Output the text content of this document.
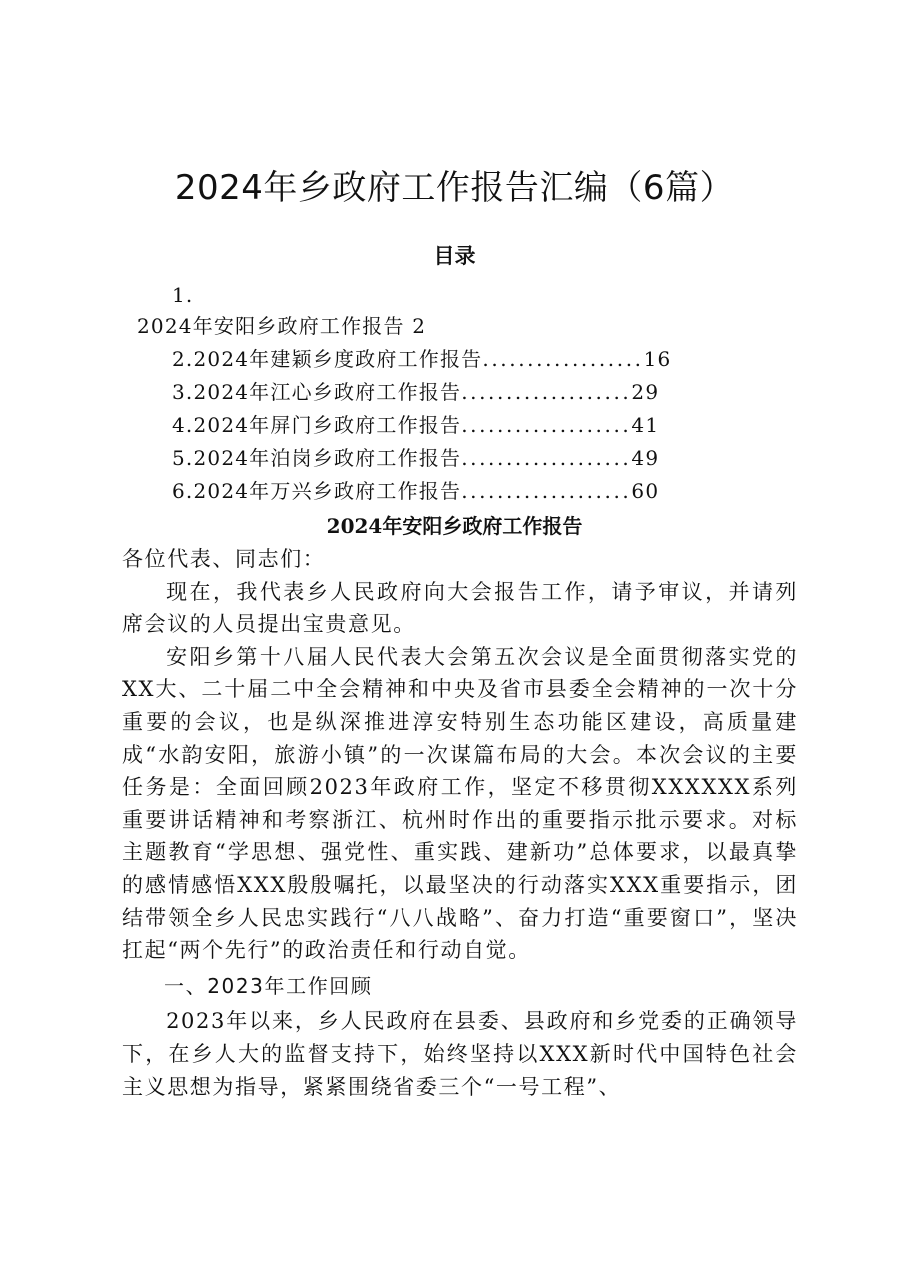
2024年乡政府工作报告汇编（6篇）
目录
1.
2024年安阳乡政府工作报告 2
2.2024年建颖乡度政府工作报告..................16
3.2024年江心乡政府工作报告...................29
4.2024年屏门乡政府工作报告...................41
5.2024年泊岗乡政府工作报告...................49
6.2024年万兴乡政府工作报告...................60
2024年安阳乡政府工作报告

各位代表、同志们：

现在，我代表乡人民政府向大会报告工作，请予审议，并请列席会议的人员提出宝贵意见。

安阳乡第十八届人民代表大会第五次会议是全面贯彻落实党的XX大、二十届二中全会精神和中央及省市县委全会精神的一次十分重要的会议，也是纵深推进淳安特别生态功能区建设，高质量建成“水韵安阳，旅游小镇”的一次谋篇布局的大会。本次会议的主要任务是：全面回顾2023年政府工作，坚定不移贯彻XXXXXX系列重要讲话精神和考察浙江、杭州时作出的重要指示批示要求。对标主题教育“学思想、强党性、重实践、建新功”总体要求，以最真挚的感情感悟XXX殷殷嘱托，以最坚决的行动落实XXX重要指示，团结带领全乡人民忠实践行“八八战略”、奋力打造“重要窗口”，坚决扛起“两个先行”的政治责任和行动自觉。

一、2023年工作回顾

2023年以来，乡人民政府在县委、县政府和乡党委的正确领导下，在乡人大的监督支持下，始终坚持以XXX新时代中国特色社会主义思想为指导，紧紧围绕省委三个“一号工程”、
